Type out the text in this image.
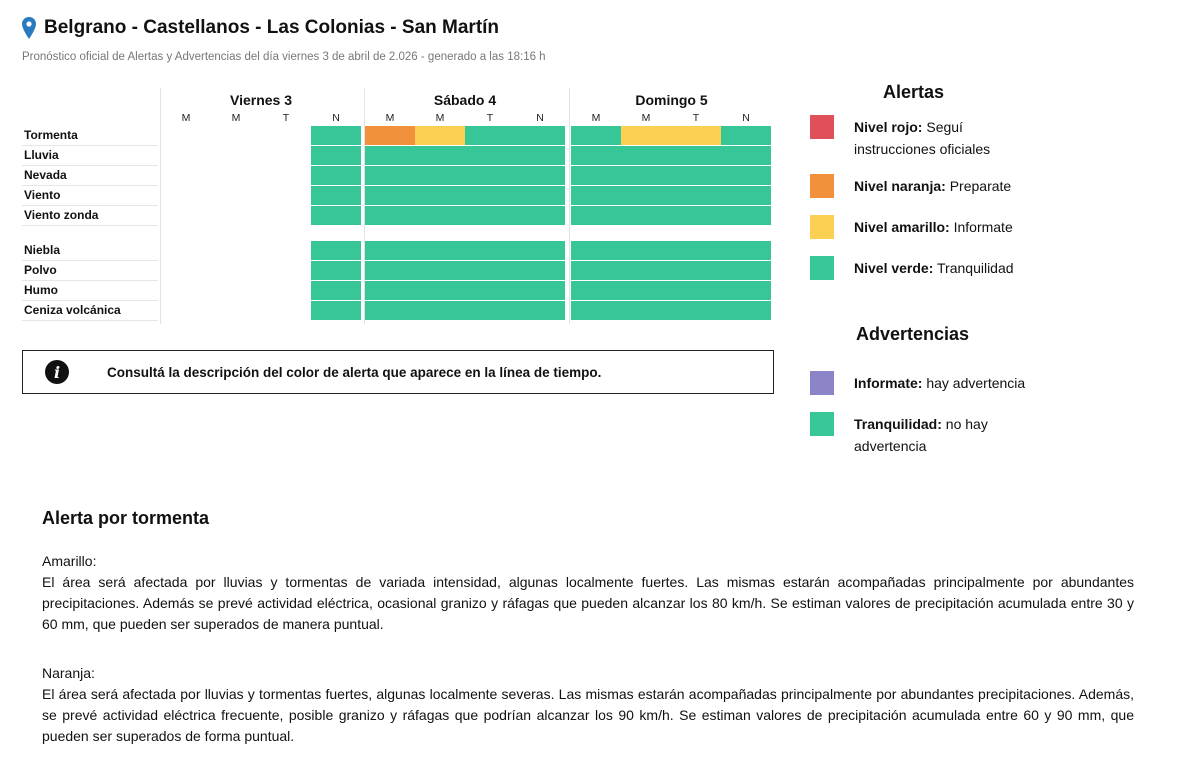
Belgrano - Castellanos - Las Colonias - San Martín
Pronóstico oficial de Alertas y Advertencias del día viernes 3 de abril de 2.026 - generado a las 18:16 h
Viernes 3
M	M	T	N
Sábado 4
M	M	T	N
Domingo 5
M	M	T	N
Tormenta
Lluvia
Nevada
Viento
Viento zonda
Niebla
Polvo
Humo
Ceniza volcánica
i	Consultá la descripción del color de alerta que aparece en la línea de tiempo.
Alertas
Nivel rojo: Seguí instrucciones oficiales
Nivel naranja: Preparate
Nivel amarillo: Informate
Nivel verde: Tranquilidad
Advertencias
Informate: hay advertencia
Tranquilidad: no hay advertencia
Alerta por tormenta

Amarillo:

El área será afectada por lluvias y tormentas de variada intensidad, algunas localmente fuertes. Las mismas estarán acompañadas principalmente por abundantes precipitaciones. Además se prevé actividad eléctrica, ocasional granizo y ráfagas que pueden alcanzar los 80 km/h. Se estiman valores de precipitación acumulada entre 30 y 60 mm, que pueden ser superados de manera puntual.

Naranja:

El área será afectada por lluvias y tormentas fuertes, algunas localmente severas. Las mismas estarán acompañadas principalmente por abundantes precipitaciones. Además, se prevé actividad eléctrica frecuente, posible granizo y ráfagas que podrían alcanzar los 90 km/h. Se estiman valores de precipitación acumulada entre 60 y 90 mm, que pueden ser superados de forma puntual.
